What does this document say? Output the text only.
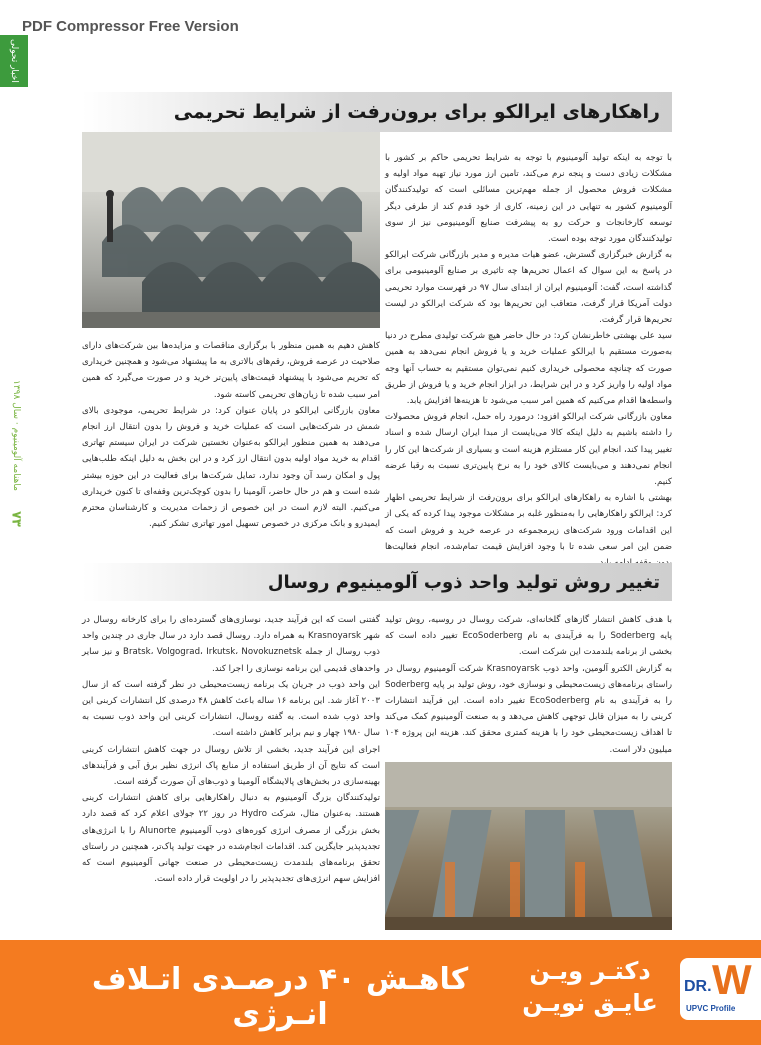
PDF Compressor Free Version
اخبار تحولی
ماهنامه آلومینیوم · سال ۱۳۹۸
۷۳
راهکارهای ایرالکو برای برون‌رفت از شرایط تحریمی

با توجه به اینکه تولید آلومینیوم با توجه به شرایط تحریمی حاکم بر کشور با مشکلات زیادی دست و پنجه نرم می‌کند، تامین ارز مورد نیاز تهیه مواد اولیه و مشکلات فروش محصول از جمله مهم‌ترین مسائلی است که تولیدکنندگان آلومینیوم کشور به تنهایی در این زمینه، کاری از خود قدم کند از طرفی دیگر توسعه کارخانجات و حرکت رو به پیشرفت صنایع آلومینیومی نیز از سوی تولیدکنندگان مورد توجه بوده است.

به گزارش خبرگزاری گسترش، عضو هیات مدیره و مدیر بازرگانی شرکت ایرالکو در پاسخ به این سوال که اعمال تحریم‌ها چه تاثیری بر صنایع آلومینیومی برای گذاشته است، گفت: آلومینیوم ایران از ابتدای سال ۹۷ در فهرست موارد تحریمی دولت آمریکا قرار گرفت، متعاقب این تحریم‌ها بود که شرکت ایرالکو در لیست تحریم‌ها قرار گرفت.

سید علی بهشتی خاطرنشان کرد: در حال حاضر هیچ شرکت تولیدی مطرح در دنیا به‌صورت مستقیم با ایرالکو عملیات خرید و یا فروش انجام نمی‌دهد به همین صورت که چنانچه محصولی خریداری کنیم نمی‌توان مستقیم به حساب آنها وجه مواد اولیه را واریز کرد و در این شرایط، در ابزار انجام خرید و یا فروش از طریق واسطه‌ها اقدام می‌کنیم که همین امر سبب می‌شود تا هزینه‌ها افزایش یابد.

معاون بازرگانی شرکت ایرالکو افزود: درمورد راه حمل، انجام فروش محصولات را داشته باشیم به دلیل اینکه کالا می‌بایست از مبدا ایران ارسال شده و اسناد تغییر پیدا کند، انجام این کار مستلزم هزینه است و بسیاری از شرکت‌ها این کار را انجام نمی‌دهند و می‌بایست کالای خود را به نرخ پایین‌تری نسبت به رقبا عرضه کنیم.

بهشتی با اشاره به راهکارهای ایرالکو برای برون‌رفت از شرایط تحریمی اظهار کرد: ایرالکو راهکارهایی را به‌منظور غلبه بر مشکلات موجود پیدا کرده که یکی از این اقدامات ورود شرکت‌های زیرمجموعه در عرصه خرید و فروش است که ضمن این امر سعی شده تا با وجود افزایش قیمت تمام‌شده، انجام فعالیت‌ها

کاهش دهیم به همین منظور با برگزاری مناقصات و مزایده‌ها بین شرکت‌های دارای صلاحیت در عرصه فروش، رقم‌های بالاتری به ما پیشنهاد می‌شود و همچنین خریداری که تحریم می‌شود با پیشنهاد قیمت‌های پایین‌تر خرید و در صورت می‌گیرد که همین امر سبب شده تا زیان‌های تحریمی کاسته شود.

معاون بازرگانی ایرالکو در پایان عنوان کرد: در شرایط تحریمی، موجودی بالای شمش در شرکت‌هایی است که عملیات خرید و فروش را بدون انتقال ارز انجام می‌دهند به همین منظور ایرالکو به‌عنوان نخستین شرکت در ایران سیستم تهاتری اقدام به خرید مواد اولیه بدون انتقال ارز کرد و در این بخش به دلیل اینکه طلب‌هایی پول و امکان رسد آن وجود ندارد، تمایل شرکت‌ها برای فعالیت در این حوزه بیشتر شده است و هم در حال حاضر، آلومینا را بدون کوچک‌ترین وقفه‌ای تا کنون خریداری می‌کنیم. البته لازم است در این خصوص از زحمات مدیریت و کارشناسان محترم ایمیدرو و بانک مرکزی در خصوص تسهیل امور تهاتری تشکر کنیم.

تغییر روش تولید واحد ذوب آلومینیوم روسال

با هدف کاهش انتشار گازهای گلخانه‌ای، شرکت روسال در روسیه، روش تولید پایه Soderberg را به فرآیندی به نام EcoSoderberg تغییر داده است که بخشی از برنامه بلندمدت این شرکت است.

به گزارش الکترو آلومین، واحد ذوب Krasnoyarsk شرکت آلومینیوم روسال در راستای برنامه‌های زیست‌محیطی و نوسازی خود، روش تولید بر پایه Soderberg را به فرآیندی به نام EcoSoderberg تغییر داده است. این فرآیند انتشارات کربنی را به میزان قابل توجهی کاهش می‌دهد و به صنعت آلومینیوم کمک می‌کند تا اهداف زیست‌محیطی خود را با هزینه کمتری محقق کند. هزینه این پروژه ۱۰۴ میلیون دلار است.

گفتنی است که این فرآیند جدید، نوسازی‌های گسترده‌ای را برای کارخانه روسال در شهر Krasnoyarsk به همراه دارد. روسال قصد دارد در سال جاری در چندین واحد ذوب روسال از جمله Bratsk، Volgograd، Irkutsk، Novokuznetsk و نیز سایر واحدهای قدیمی این برنامه نوسازی را اجرا کند.

این واحد ذوب در جریان یک برنامه زیست‌محیطی در نظر گرفته است که از سال ۲۰۰۳ آغاز شد. این برنامه ۱۶ ساله باعث کاهش ۴۸ درصدی کل انتشارات کربنی این واحد ذوب شده است. به گفته روسال، انتشارات کربنی این واحد ذوب نسبت به سال ۱۹۸۰ چهار و نیم برابر کاهش داشته است.

اجرای این فرآیند جدید، بخشی از تلاش روسال در جهت کاهش انتشارات کربنی است که نتایج آن از طریق استفاده از منابع پاک انرژی نظیر برق آبی و فرآیندهای بهینه‌سازی در بخش‌های پالایشگاه آلومینا و ذوب‌های آن صورت گرفته است.

تولیدکنندگان بزرگ آلومینیوم به دنبال راهکارهایی برای کاهش انتشارات کربنی هستند. به‌عنوان مثال، شرکت Hydro در روز ۲۲ جولای اعلام کرد که قصد دارد بخش بزرگی از مصرف انرژی کوره‌های ذوب آلومینیوم Alunorte را با انرژی‌های تجدیدپذیر جایگزین کند. اقدامات انجام‌شده در جهت تولید پاک‌تر، همچنین در راستای تحقق برنامه‌های بلندمدت زیست‌محیطی در صنعت جهانی آلومینیوم است که افزایش سهم انرژی‌های تجدیدپذیر را در اولویت قرار داده است.

کاهـش ۴۰ درصـدی اتـلاف انـرژی
دکتـر ویـن
عایـق نویـن
DR. W
UPVC Profile
